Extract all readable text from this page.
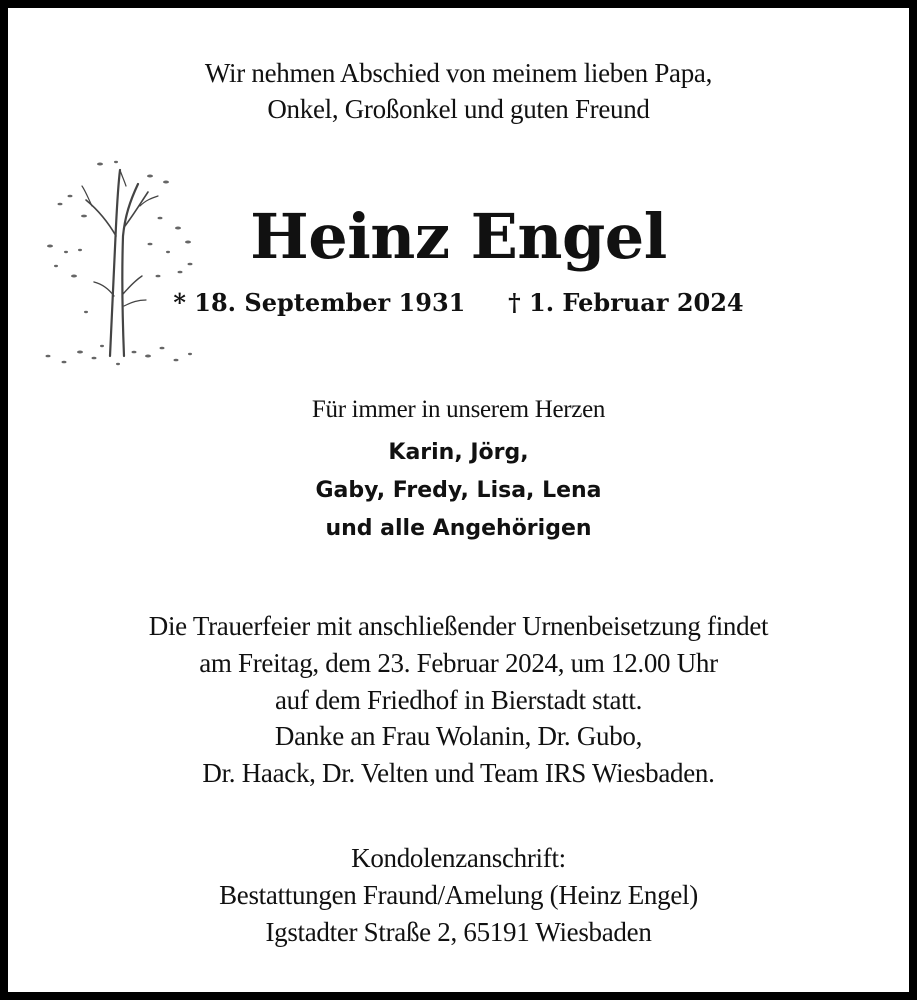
Wir nehmen Abschied von meinem lieben Papa,
Onkel, Großonkel und guten Freund
Heinz Engel
* 18. September 1931 † 1. Februar 2024
Für immer in unserem Herzen
Karin, Jörg,
Gaby, Fredy, Lisa, Lena
und alle Angehörigen
Die Trauerfeier mit anschließender Urnenbeisetzung findet
am Freitag, dem 23. Februar 2024, um 12.00 Uhr
auf dem Friedhof in Bierstadt statt.
Danke an Frau Wolanin, Dr. Gubo,
Dr. Haack, Dr. Velten und Team IRS Wiesbaden.
Kondolenzanschrift:
Bestattungen Fraund/Amelung (Heinz Engel)
Igstadter Straße 2, 65191 Wiesbaden
